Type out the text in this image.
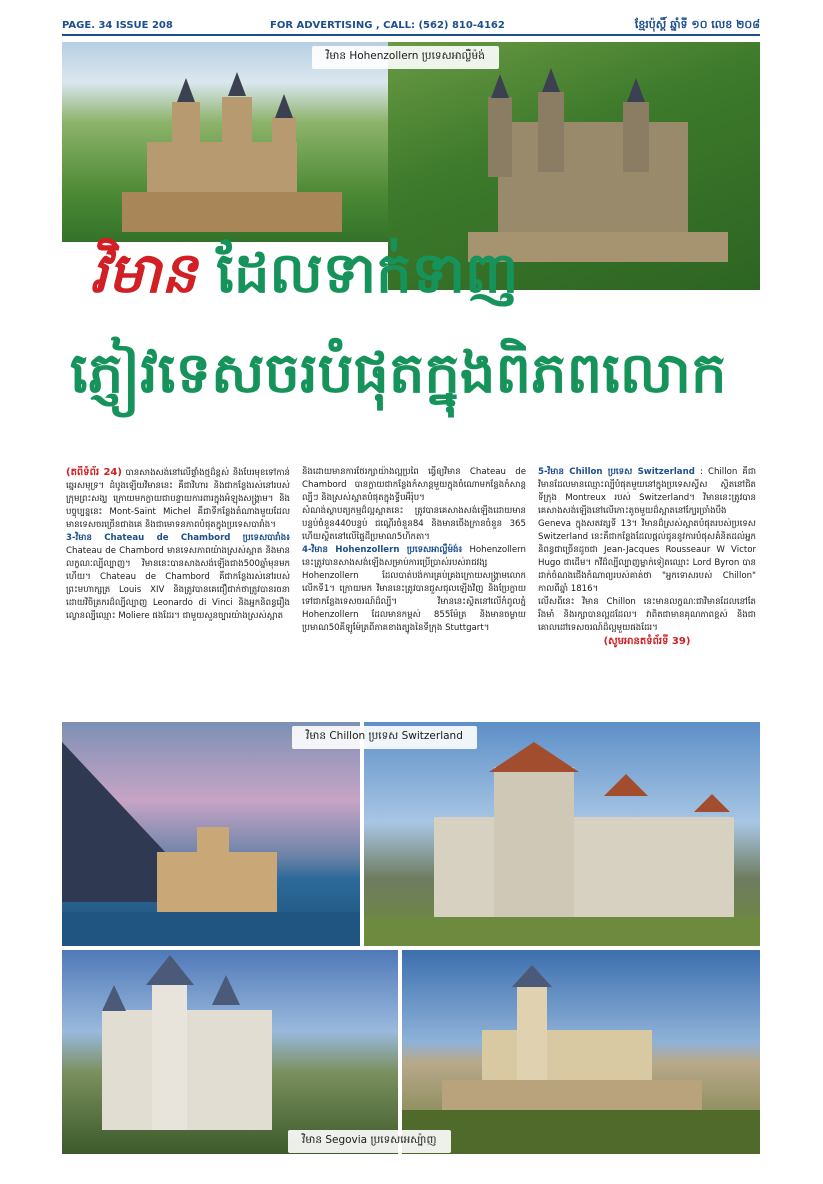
PAGE. 34 ISSUE 208	FOR ADVERTISING , CALL: (562) 810-4162	ខ្មែរប៉ុស្ដិ៍ ឆ្នាំទី ១០ លេខ ២០៨
វិមាន Hohenzollern ប្រទេសអាល្លឺម៉ង់
វិមាន ដែលទាក់ទាញ
ភ្ញៀវទេសចរបំផុតក្នុងពិភពលោក

(តពីទំព័រ 24) បានសាងសង់នៅលើផ្ទាំងថ្មដ៏ខ្ពស់ និងបែរមុខទៅកាន់ឆ្នេរសមុទ្រ។ ដំបូងឡើយវិមាននេះ គឺជាវិហារ និងជាកន្លែងរស់នៅរបស់ក្រុមព្រះសង្ឃ ក្រោយមកក្លាយជាបន្ទាយការពារក្នុងអំឡុងសង្គ្រាម។ និងបច្ចុប្បន្ននេះ Mont-Saint Michel គឺជាទីកន្លែងតំណាងមួយដែលមានទេសចរច្រើនជាងគេ និងជាមោទនភាពបំផុតក្នុងប្រទេសបារាំង។

3-វិមាន Chateau de Chambord ប្រទេសបារាំង៖ Chateau de Chambord មានទេសភាពយ៉ាងស្រស់ស្អាត និងមានលក្ខណៈល្បីល្បាញ។ វិមាននេះបានសាងសង់ឡើងជាង500ឆ្នាំមុនមកហើយ។ Chateau de Chambord គឺជាកន្លែងរស់នៅរបស់ព្រះមហាក្សត្រ Louis XIV និងត្រូវបានគេជឿជាក់ថាត្រូវបានរចនាដោយវិចិត្រករដ៏ល្បីល្បាញ Leonardo di Vinci និងអ្នកនិពន្ធរឿងល្ខោនល្បីឈ្មោះ Moliere ផងដែរ។ ជាមួយសួនច្បារយ៉ាងស្រស់ស្អាត

និងដោយមានការថែរក្សាយ៉ាងល្អប្រពៃ ធ្វើឲ្យវិមាន Chateau de Chambord បានក្លាយជាកន្លែងកំសាន្តមួយក្នុងចំណោមកន្លែងកំសាន្តល្បីៗ និងស្រស់ស្អាតបំផុតក្នុងទ្វីបអឺរ៉ុប។

សំណង់ស្ថាបត្យកម្មដ៏ល្អស្អាតនេះ ត្រូវបានគេសាងសង់ឡើងដោយមានបន្ទប់ចំនួន440បន្ទប់ ជណ្ដើរចំនួន84 និងមានចើងក្រានចំនួន 365 ហើយស្ថិតនៅលើផ្ទៃដីប្រមាណ5ហិកតា។

4-វិមាន Hohenzollern ប្រទេសអាល្លឺម៉ង់៖ Hohenzollern នេះត្រូវបានសាងសង់ឡើងសម្រាប់ការប្រើប្រាស់របស់រាជវង្ស Hohenzollern ដែលបាត់បង់ការគ្រប់គ្រងក្រោយសង្គ្រាមលោកលើកទី1។ ក្រោយមក វិមាននេះត្រូវបានជួសជុលឡើងវិញ និងប្រែក្លាយទៅជាកន្លែងទេសចរណ៍ដ៏ល្បី។ វិមាននេះស្ថិតនៅលើកំពូលភ្នំ Hohenzollern ដែលមានកម្ពស់ 855ម៉ែត្រ និងមានចម្ងាយប្រមាណ50គីឡូម៉ែត្រពីភាគខាងត្បូងនៃទីក្រុង Stuttgart។

5-វិមាន Chillon ប្រទេស Switzerland : Chillon គឺជាវិមានដែលមានឈ្មោះល្បីបំផុតមួយនៅក្នុងប្រទេសស្វីស ស្ថិតនៅជិតទីក្រុង Montreux របស់ Switzerland។ វិមាននេះត្រូវបានគេសាងសង់ឡើងនៅលើកោះតូចមួយដ៏ស្អាតនៅក្បែរច្រាំងបឹង Geneva ក្នុងសតវត្សទី 13។ វិមានដ៏ស្រស់ស្អាតបំផុតរបស់ប្រទេស Switzerland នេះគឺជាកន្លែងដែលផ្ដល់ជូននូវការបំផុសគំនិតដល់អ្នកនិពន្ធជាច្រើនដូចជា Jean-Jacques Rousseaur W Victor Hugo ជាដើម។ កវីដ៏ល្បីល្បាញម្នាក់ទៀតឈ្មោះ Lord Byron បានដាក់ចំណងជើងកំណាព្យរបស់គាត់ថា "អ្នកទោសរបស់ Chillon" កាលពីឆ្នាំ 1816។

លើសពីនេះ វិមាន Chillon នេះមានលក្ខណៈជាវិមានដែលនៅតែរឹងមាំ និងរក្សាបានល្អដដែល។ វាពិតជាមានគុណភាពខ្ពស់ និងជាគោលដៅទេសចរណ៍ដ៏ល្អមួយផងដែរ។

(សូមអានតទំព័រទី 39)

វិមាន Chillon ប្រទេស Switzerland
វិមាន Segovia ប្រទេសអេស្ប៉ាញ
